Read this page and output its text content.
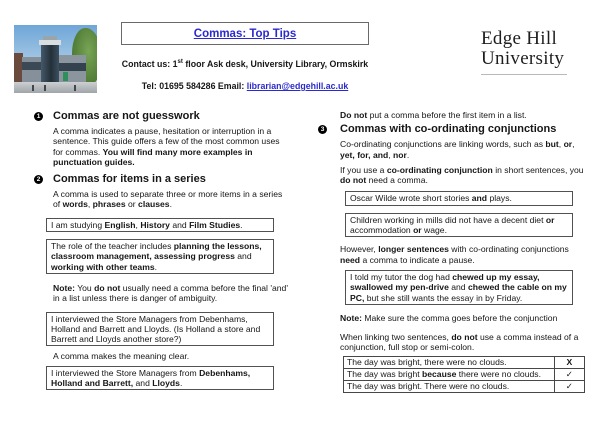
Commas: Top Tips

Contact us: 1st floor Ask desk, University Library, Ormskirk

Tel: 01695 584286 Email: librarian@edgehill.ac.uk

Edge Hill
University
1 Commas are not guesswork

A comma indicates a pause, hesitation or interruption in a sentence. This guide offers a few of the most common uses for commas. You will find many more examples in punctuation guides.

2 Commas for items in a series

A comma is used to separate three or more items in a series of words, phrases or clauses.

I am studying English, History and Film Studies.
The role of the teacher includes planning the lessons, classroom management, assessing progress and working with other teams.

Note: You do not usually need a comma before the final 'and' in a list unless there is danger of ambiguity.

I interviewed the Store Managers from Debenhams, Holland and Barrett and Lloyds. (Is Holland a store and Barrett and Lloyds another store?)

A comma makes the meaning clear.

I interviewed the Store Managers from Debenhams, Holland and Barrett, and Lloyds.

Do not put a comma before the first item in a list.

3 Commas with co-ordinating conjunctions

Co-ordinating conjunctions are linking words, such as but, or, yet, for, and, nor.

If you use a co-ordinating conjunction in short sentences, you do not need a comma.

Oscar Wilde wrote short stories and plays.
Children working in mills did not have a decent diet or accommodation or wage.

However, longer sentences with co-ordinating conjunctions need a comma to indicate a pause.

I told my tutor the dog had chewed up my essay, swallowed my pen-drive and chewed the cable on my PC, but she still wants the essay in by Friday.

Note: Make sure the comma goes before the conjunction

When linking two sentences, do not use a comma instead of a conjunction, full stop or semi-colon.

The day was bright, there were no clouds.	X
The day was bright because there were no clouds.	✓
The day was bright. There were no clouds.	✓
